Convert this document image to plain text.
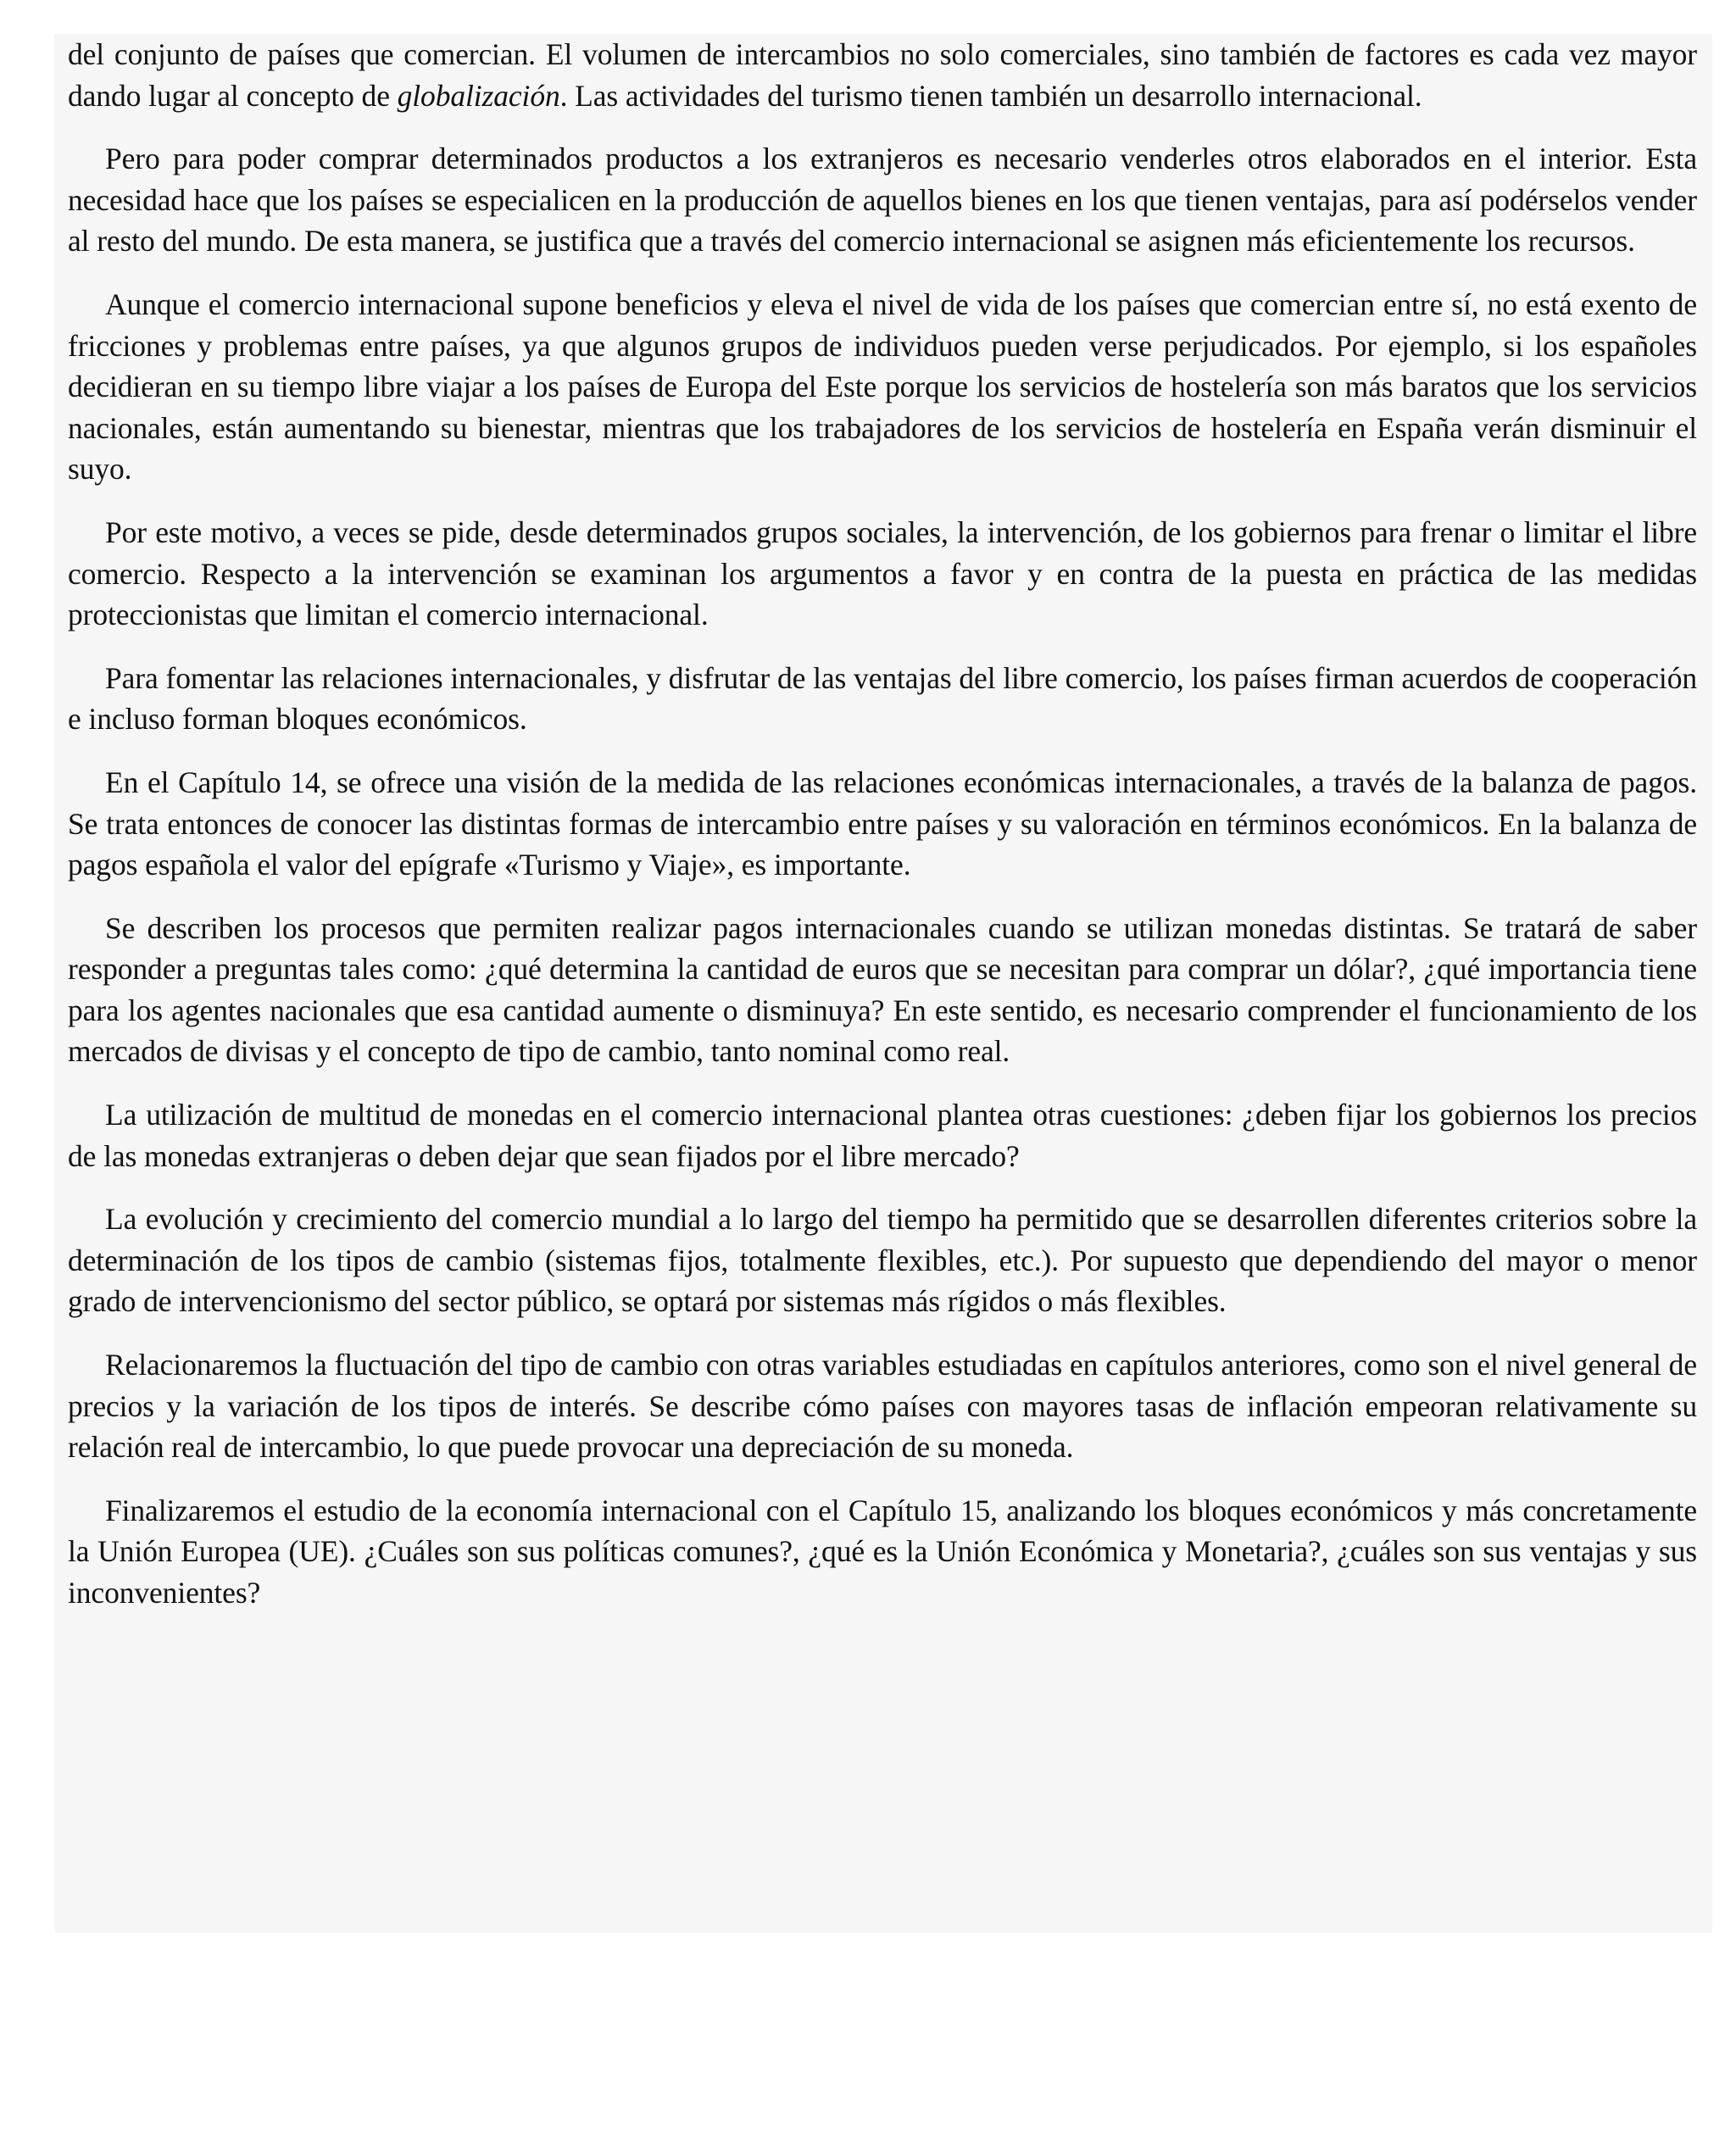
del conjunto de países que comercian. El volumen de intercambios no solo comerciales, sino también de factores es cada vez mayor dando lugar al concepto de globalización. Las actividades del turismo tienen también un desarrollo internacional.

Pero para poder comprar determinados productos a los extranjeros es necesario venderles otros elaborados en el interior. Esta necesidad hace que los países se especialicen en la producción de aquellos bienes en los que tienen ventajas, para así podérselos vender al resto del mundo. De esta manera, se justifica que a través del comercio internacional se asignen más eficientemente los recursos.

Aunque el comercio internacional supone beneficios y eleva el nivel de vida de los países que comercian entre sí, no está exento de fricciones y problemas entre países, ya que algunos grupos de individuos pueden verse perjudicados. Por ejemplo, si los españoles decidieran en su tiempo libre viajar a los países de Europa del Este porque los servicios de hostelería son más baratos que los servicios nacionales, están aumentando su bienestar, mientras que los trabajadores de los servicios de hostelería en España verán disminuir el suyo.

Por este motivo, a veces se pide, desde determinados grupos sociales, la intervención, de los gobiernos para frenar o limitar el libre comercio. Respecto a la intervención se examinan los argumentos a favor y en contra de la puesta en práctica de las medidas proteccionistas que limitan el comercio internacional.

Para fomentar las relaciones internacionales, y disfrutar de las ventajas del libre comercio, los países firman acuerdos de cooperación e incluso forman bloques económicos.

En el Capítulo 14, se ofrece una visión de la medida de las relaciones económicas internacionales, a través de la balanza de pagos. Se trata entonces de conocer las distintas formas de intercambio entre países y su valoración en términos económicos. En la balanza de pagos española el valor del epígrafe «Turismo y Viaje», es importante.

Se describen los procesos que permiten realizar pagos internacionales cuando se utilizan monedas distintas. Se tratará de saber responder a preguntas tales como: ¿qué determina la cantidad de euros que se necesitan para comprar un dólar?, ¿qué importancia tiene para los agentes nacionales que esa cantidad aumente o disminuya? En este sentido, es necesario comprender el funcionamiento de los mercados de divisas y el concepto de tipo de cambio, tanto nominal como real.

La utilización de multitud de monedas en el comercio internacional plantea otras cuestiones: ¿deben fijar los gobiernos los precios de las monedas extranjeras o deben dejar que sean fijados por el libre mercado?

La evolución y crecimiento del comercio mundial a lo largo del tiempo ha permitido que se desarrollen diferentes criterios sobre la determinación de los tipos de cambio (sistemas fijos, totalmente flexibles, etc.). Por supuesto que dependiendo del mayor o menor grado de intervencionismo del sector público, se optará por sistemas más rígidos o más flexibles.

Relacionaremos la fluctuación del tipo de cambio con otras variables estudiadas en capítulos anteriores, como son el nivel general de precios y la variación de los tipos de interés. Se describe cómo países con mayores tasas de inflación empeoran relativamente su relación real de intercambio, lo que puede provocar una depreciación de su moneda.

Finalizaremos el estudio de la economía internacional con el Capítulo 15, analizando los bloques económicos y más concretamente la Unión Europea (UE). ¿Cuáles son sus políticas comunes?, ¿qué es la Unión Económica y Monetaria?, ¿cuáles son sus ventajas y sus inconvenientes?
